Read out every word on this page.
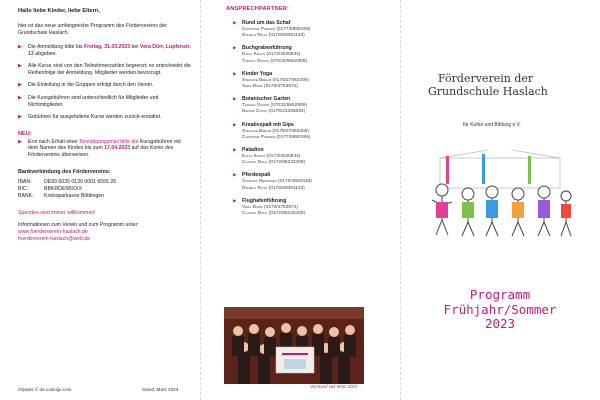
Hallo liebe Kinder, liebe Eltern,

hier ist das neue umfangreiche Programm des Fördervereins der Grundschule Haslach.

▶ Die Anmeldung bitte bis Freitag, 31.03.2023 bei Vera Dürr, Lupfenstr. 13 abgeben.
▶ Alle Kurse sind von den Teilnehmerzahlen begrenzt; es entscheidet die Reihenfolge der Anmeldung. Mitglieder werden bevorzugt.
▶ Die Einteilung in die Gruppen erfolgt durch den Verein.
▶ Die Kursgebühren sind unterschiedlich für Mitglieder und Nichtmitglieder.
▶ Gebühren für ausgefallene Kurse werden zurück-erstattet.
NEU:
▶ Erst nach Erhalt einer Bestätigungsmail bitte die Kursgebühren mit dem Namen des Kindes bis zum 17.04.2023 auf das Konto des Fördervereins überweisen.
Bankverbindung des Fördervereins:
IBAN:	DE93 6035 0130 0001 6555 26
BIC:	BBKRDE6BXXX
BANK:	Kreissparkasse Böblingen
Spenden sind immer willkommen!

Informationen zum Verein und zum Programm unter:

www.foerderverein-haslach.de
foerderverein-haslach@web.de
Cliparts © de.cooloijo.com	Stand: März 2023
ANSPRECHPARTNER:
▶ Rund um das Schaf
Christine Pfeiner (0177/5990199)
Daniela Roth (0176/80081133)
▶ Buchgrabenführung
Katja Kraus (0173/3020834)
Tamara Gross (07032/6952809)
▶ Kinder Yoga
Stefanie Brehm (0176/27062205)
Vera Dürr (0170/4753974)
▶ Botanischer Garten
Tamara Gross (07032/6952809)
Nadine Costa (0176/24335094)
▶ Kreativspaß mit Gips
Stefanie Brehm (0176/27062205)
Christine Pfeiner (0177/5990199)
▶ Paladion
Katja Kraus (0173/3020834)
Claudia Dold (0172/95233409)
▶ Pferdespaß
Vanessa Heininger (0170/4963429)
Daniela Roth (0176/80081133)
▶ Flughafenführung
Vera Dürr (0170/4753974)
Claudia Dold (0172/95233409)
Vorstand seit März 2023
Förderverein der
Grundschule Haslach
für Kultur und Bildung e.V.
Programm
Frühjahr/Sommer
2023
